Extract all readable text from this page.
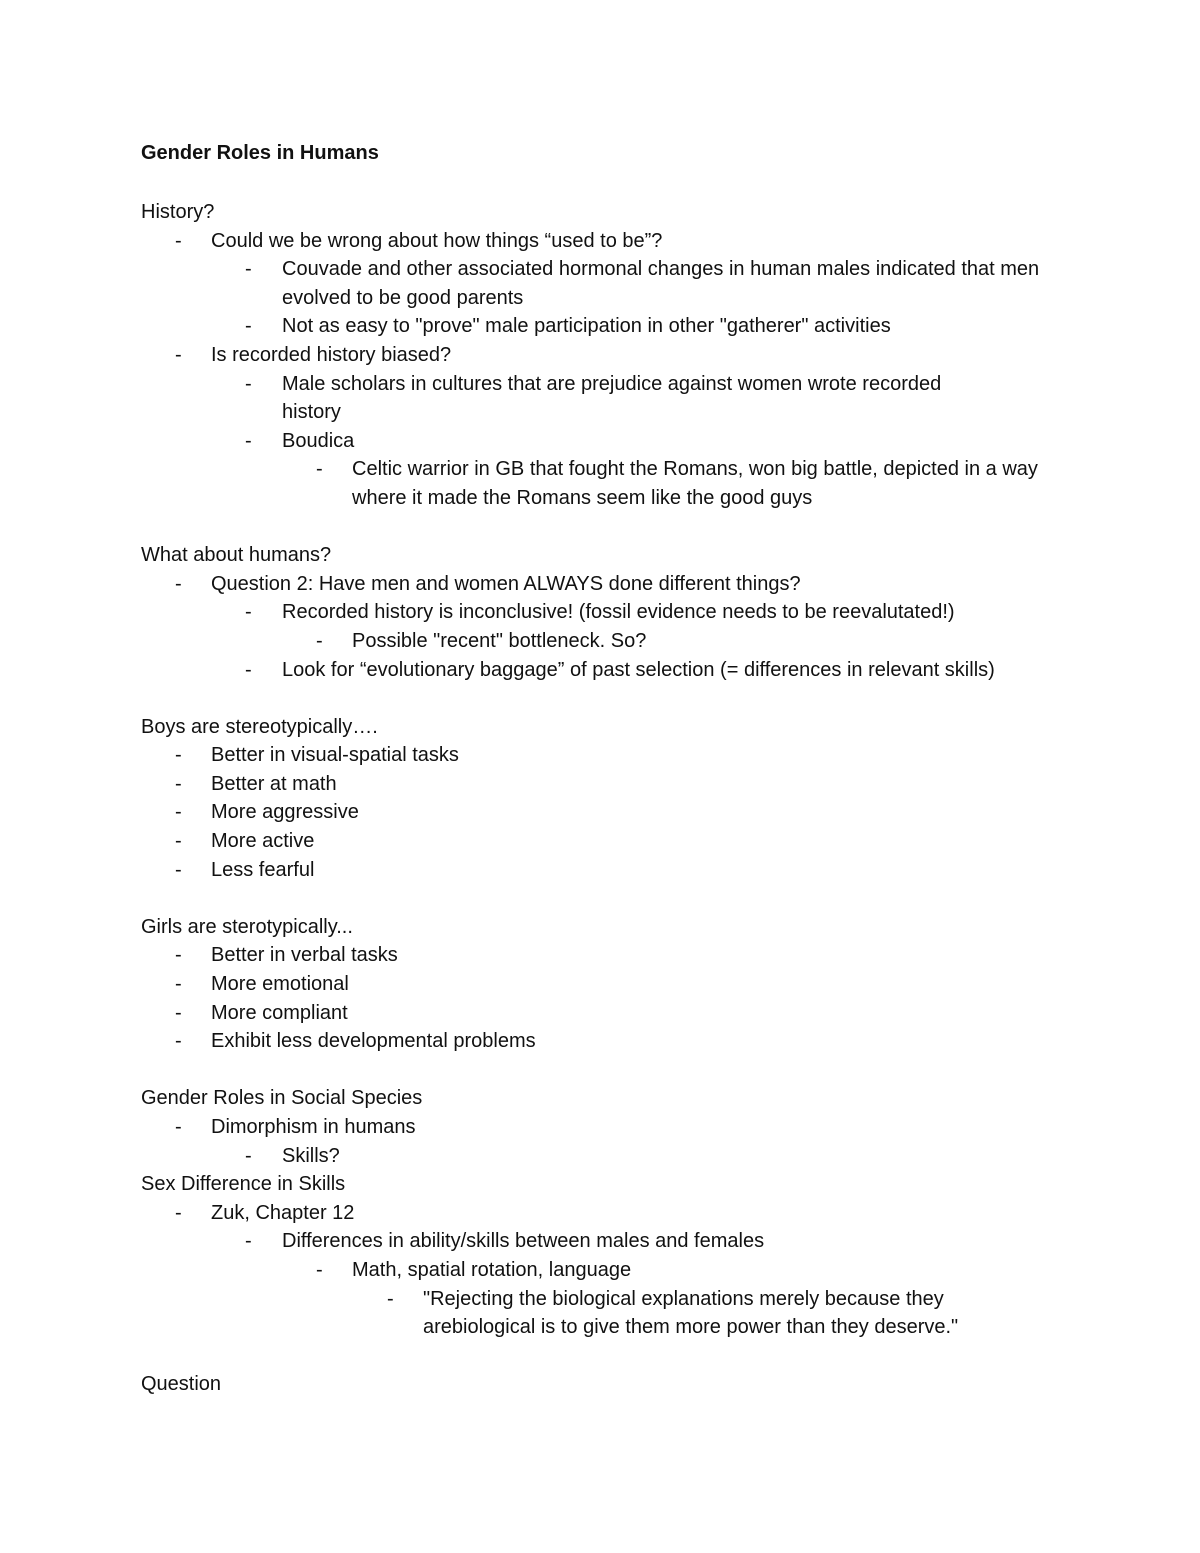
Gender Roles in Humans
History?
- Could we be wrong about how things “used to be”?
- Couvade and other associated hormonal changes in human males indicated that men evolved to be good parents
- Not as easy to "prove" male participation in other "gatherer" activities
- Is recorded history biased?
- Male scholars in cultures that are prejudice against women wrote recorded history
- Boudica
- Celtic warrior in GB that fought the Romans, won big battle, depicted in a way where it made the Romans seem like the good guys
What about humans?
- Question 2: Have men and women ALWAYS done different things?
- Recorded history is inconclusive! (fossil evidence needs to be reevalutated!)
- Possible "recent" bottleneck. So?
- Look for “evolutionary baggage” of past selection (= differences in relevant skills)
Boys are stereotypically….
- Better in visual-spatial tasks
- Better at math
- More aggressive
- More active
- Less fearful
Girls are sterotypically...
- Better in verbal tasks
- More emotional
- More compliant
- Exhibit less developmental problems
Gender Roles in Social Species
- Dimorphism in humans
- Skills?
Sex Difference in Skills
- Zuk, Chapter 12
- Differences in ability/skills between males and females
- Math, spatial rotation, language
- "Rejecting the biological explanations merely because they arebiological is to give them more power than they deserve."
Question
